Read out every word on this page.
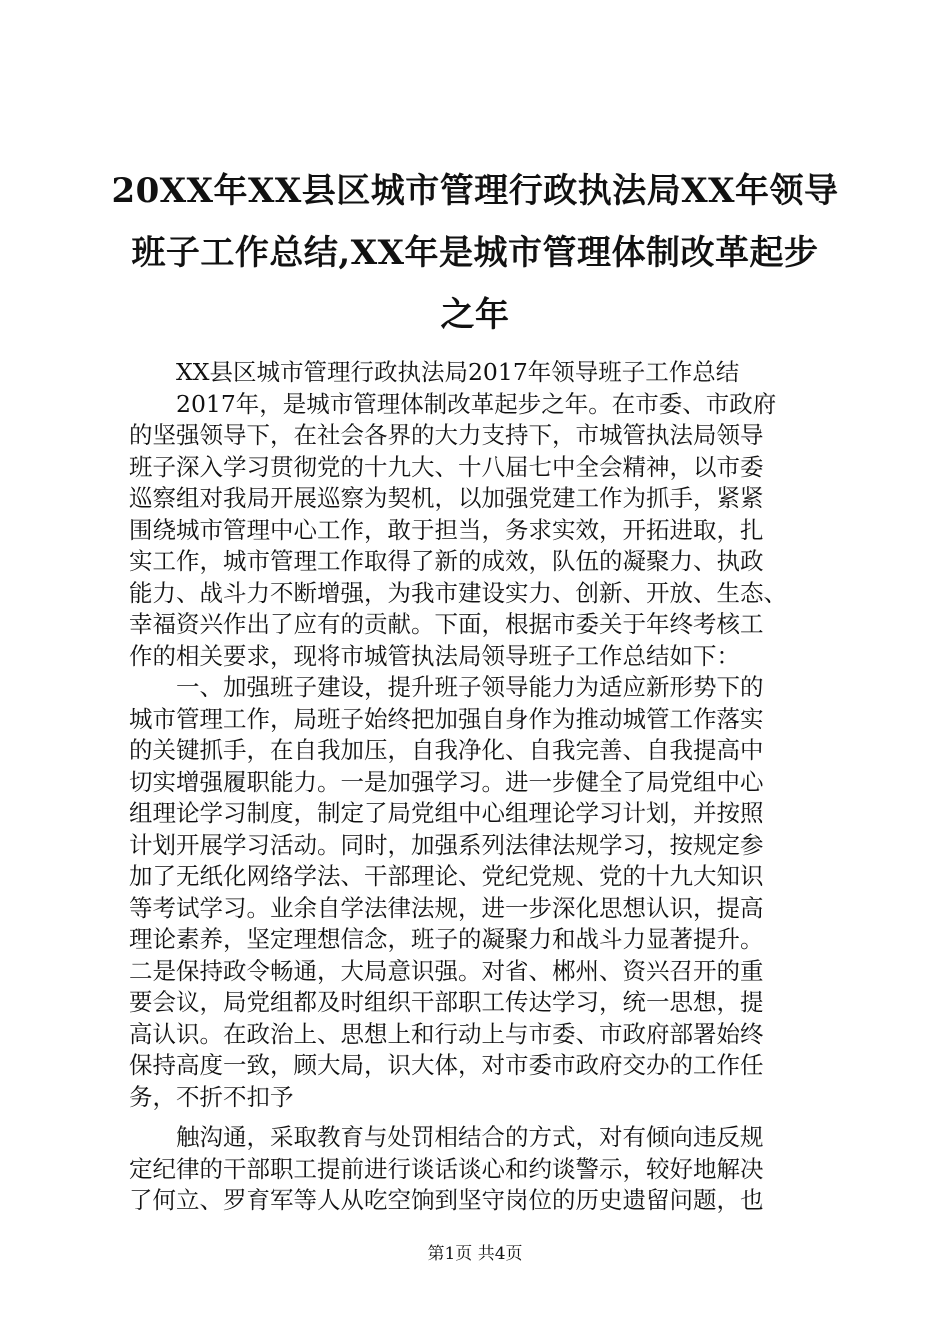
20XX年XX县区城市管理行政执法局XX年领导
班子工作总结,XX年是城市管理体制改革起步
之年
XX县区城市管理行政执法局2017年领导班子工作总结
2017年，是城市管理体制改革起步之年。在市委、市政府
的坚强领导下，在社会各界的大力支持下，市城管执法局领导
班子深入学习贯彻党的十九大、十八届七中全会精神，以市委
巡察组对我局开展巡察为契机，以加强党建工作为抓手，紧紧
围绕城市管理中心工作，敢于担当，务求实效，开拓进取，扎
实工作，城市管理工作取得了新的成效，队伍的凝聚力、执政
能力、战斗力不断增强，为我市建设实力、创新、开放、生态、
幸福资兴作出了应有的贡献。下面，根据市委关于年终考核工
作的相关要求，现将市城管执法局领导班子工作总结如下：
一、加强班子建设，提升班子领导能力为适应新形势下的
城市管理工作，局班子始终把加强自身作为推动城管工作落实
的关键抓手，在自我加压，自我净化、自我完善、自我提高中
切实增强履职能力。一是加强学习。进一步健全了局党组中心
组理论学习制度，制定了局党组中心组理论学习计划，并按照
计划开展学习活动。同时，加强系列法律法规学习，按规定参
加了无纸化网络学法、干部理论、党纪党规、党的十九大知识
等考试学习。业余自学法律法规，进一步深化思想认识，提高
理论素养，坚定理想信念，班子的凝聚力和战斗力显著提升。
二是保持政令畅通，大局意识强。对省、郴州、资兴召开的重
要会议，局党组都及时组织干部职工传达学习，统一思想，提
高认识。在政治上、思想上和行动上与市委、市政府部署始终
保持高度一致，顾大局，识大体，对市委市政府交办的工作任
务，不折不扣予
触沟通，采取教育与处罚相结合的方式，对有倾向违反规
定纪律的干部职工提前进行谈话谈心和约谈警示，较好地解决
了何立、罗育军等人从吃空饷到坚守岗位的历史遗留问题，也
第1页 共4页
